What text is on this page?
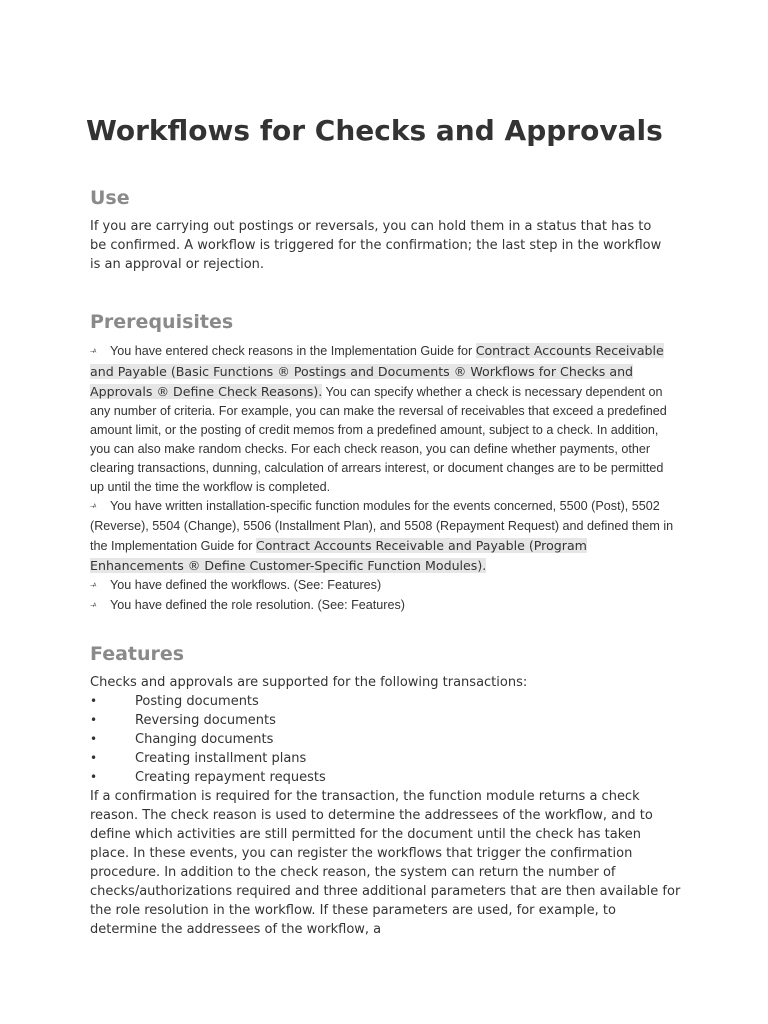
Workflows for Checks and Approvals
Use
If you are carrying out postings or reversals, you can hold them in a status that has to be confirmed. A workflow is triggered for the confirmation; the last step in the workflow is an approval or rejection.
Prerequisites

¬ᴬ You have entered check reasons in the Implementation Guide for Contract Accounts Receivable and Payable (Basic Functions ® Postings and Documents ® Workflows for Checks and Approvals ® Define Check Reasons). You can specify whether a check is necessary dependent on any number of criteria. For example, you can make the reversal of receivables that exceed a predefined amount limit, or the posting of credit memos from a predefined amount, subject to a check. In addition, you can also make random checks. For each check reason, you can define whether payments, other clearing transactions, dunning, calculation of arrears interest, or document changes are to be permitted up until the time the workflow is completed.

¬ᴬ You have written installation-specific function modules for the events concerned, 5500 (Post), 5502 (Reverse), 5504 (Change), 5506 (Installment Plan), and 5508 (Repayment Request) and defined them in the Implementation Guide for Contract Accounts Receivable and Payable (Program Enhancements ® Define Customer-Specific Function Modules).

¬ᴬ You have defined the workflows. (See: Features)

¬ᴬ You have defined the role resolution. (See: Features)

Features
Checks and approvals are supported for the following transactions:
•	Posting documents
•	Reversing documents
•	Changing documents
•	Creating installment plans
•	Creating repayment requests
If a confirmation is required for the transaction, the function module returns a check reason. The check reason is used to determine the addressees of the workflow, and to define which activities are still permitted for the document until the check has taken place. In these events, you can register the workflows that trigger the confirmation procedure. In addition to the check reason, the system can return the number of checks/authorizations required and three additional parameters that are then available for the role resolution in the workflow. If these parameters are used, for example, to determine the addressees of the workflow, a
